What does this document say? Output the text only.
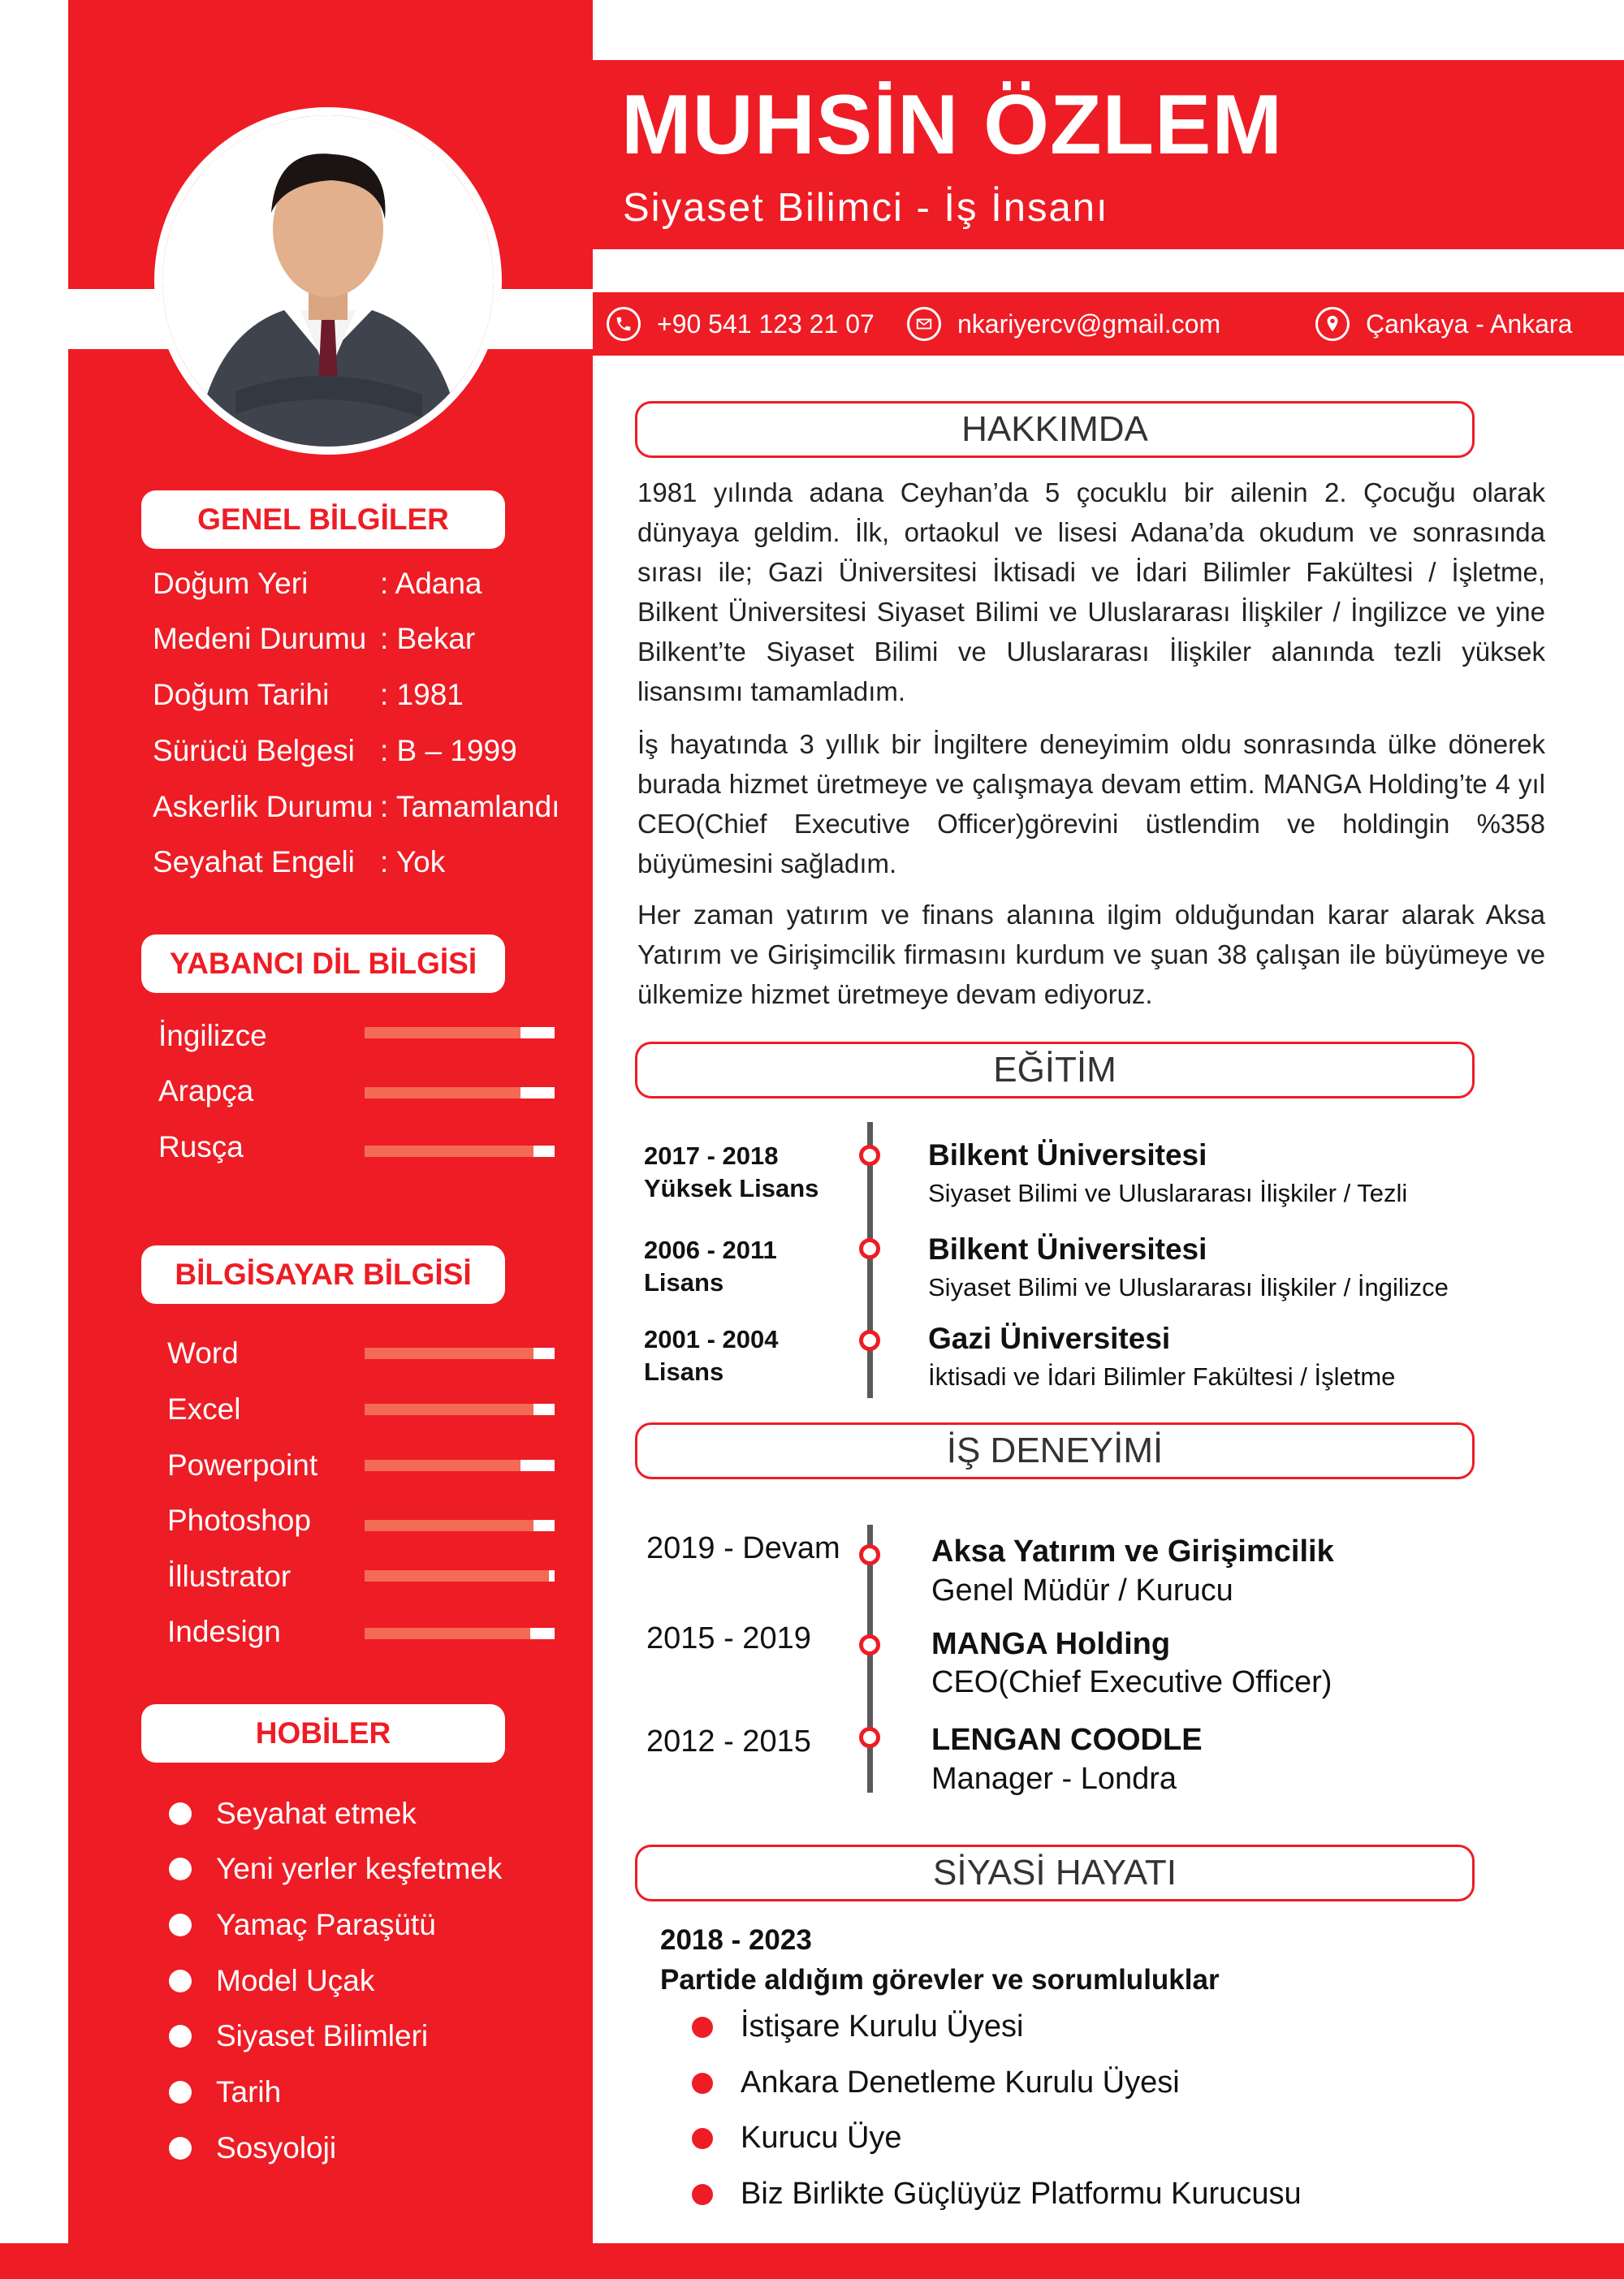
MUHSİN ÖZLEM
Siyaset Bilimci - İş İnsanı
+90 541 123 21 07	nkariyercv@gmail.com	Çankaya - Ankara
GENEL BİLGİLER
Doğum Yeri : Adana
Medeni Durumu : Bekar
Doğum Tarihi : 1981
Sürücü Belgesi : B – 1999
Askerlik Durumu : Tamamlandı
Seyahat Engeli : Yok
YABANCI DİL BİLGİSİ
İngilizce
Arapça
Rusça
BİLGİSAYAR BİLGİSİ
Word
Excel
Powerpoint
Photoshop
İllustrator
Indesign
HOBİLER
Seyahat etmek
Yeni yerler keşfetmek
Yamaç Paraşütü
Model Uçak
Siyaset Bilimleri
Tarih
Sosyoloji
HAKKIMDA
1981 yılında adana Ceyhan’da 5 çocuklu bir ailenin 2. Çocuğu olarak dünyaya geldim. İlk, ortaokul ve lisesi Adana’da okudum ve sonrasında sırası ile; Gazi Üniversitesi İktisadi ve İdari Bilimler Fakültesi / İşletme, Bilkent Üniversitesi Siyaset Bilimi ve Uluslararası İlişkiler / İngilizce ve yine Bilkent’te Siyaset Bilimi ve Uluslararası İlişkiler alanında tezli yüksek lisansımı tamamladım.
İş hayatında 3 yıllık bir İngiltere deneyimim oldu sonrasında ülke dönerek burada hizmet üretmeye ve çalışmaya devam ettim. MANGA Holding’te 4 yıl CEO(Chief Executive Officer)görevini üstlendim ve holdingin %358 büyümesini sağladım.
Her zaman yatırım ve finans alanına ilgim olduğundan karar alarak Aksa Yatırım ve Girişimcilik firmasını kurdum ve şuan 38 çalışan ile büyümeye ve ülkemize hizmet üretmeye devam ediyoruz.
EĞİTİM
2017 - 2018
Yüksek Lisans
Bilkent Üniversitesi
Siyaset Bilimi ve Uluslararası İlişkiler / Tezli
2006 - 2011
Lisans
Bilkent Üniversitesi
Siyaset Bilimi ve Uluslararası İlişkiler / İngilizce
2001 - 2004
Lisans
Gazi Üniversitesi
İktisadi ve İdari Bilimler Fakültesi / İşletme
İŞ DENEYİMİ
2019 - Devam	Aksa Yatırım ve Girişimcilik
Genel Müdür / Kurucu
2015 - 2019	MANGA Holding
CEO(Chief Executive Officer)
2012 - 2015	LENGAN COODLE
Manager - Londra
SİYASİ HAYATI
2018 - 2023
Partide aldığım görevler ve sorumluluklar
İstişare Kurulu Üyesi
Ankara Denetleme Kurulu Üyesi
Kurucu Üye
Biz Birlikte Güçlüyüz Platformu Kurucusu
